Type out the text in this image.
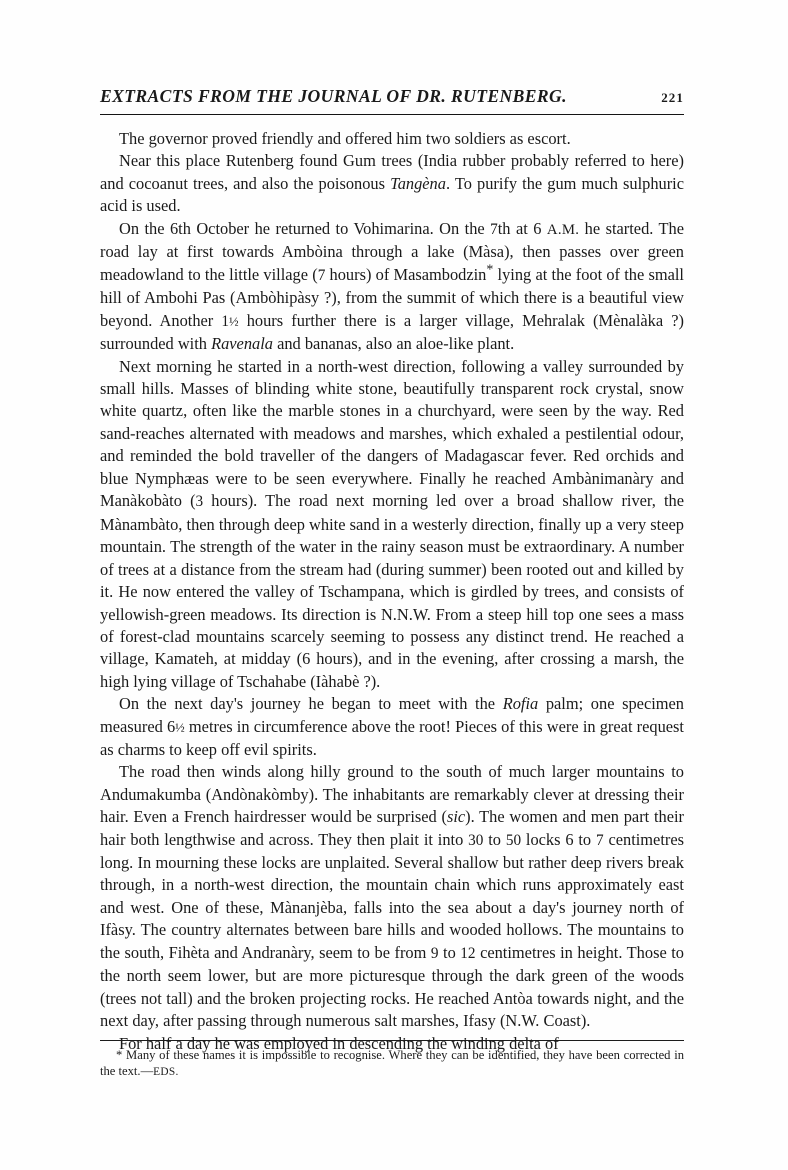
EXTRACTS FROM THE JOURNAL OF DR. RUTENBERG.	221

The governor proved friendly and offered him two soldiers as escort.

Near this place Rutenberg found Gum trees (India rubber probably referred to here) and cocoanut trees, and also the poisonous Tangèna. To purify the gum much sulphuric acid is used.

On the 6th October he returned to Vohimarina. On the 7th at 6 A.M. he started. The road lay at first towards Ambòina through a lake (Màsa), then passes over green meadowland to the little village (7 hours) of Masambodzin* lying at the foot of the small hill of Ambohi Pas (Ambòhipàsy ?), from the summit of which there is a beautiful view beyond. Another 1½ hours further there is a larger village, Mehralak (Mènalàka ?) surrounded with Ravenala and bananas, also an aloe-like plant.

Next morning he started in a north-west direction, following a valley surrounded by small hills. Masses of blinding white stone, beautifully transparent rock crystal, snow white quartz, often like the marble stones in a churchyard, were seen by the way. Red sand-reaches alternated with meadows and marshes, which exhaled a pestilential odour, and reminded the bold traveller of the dangers of Madagascar fever. Red orchids and blue Nymphæas were to be seen everywhere. Finally he reached Ambànimanàry and Manàkobàto (3 hours). The road next morning led over a broad shallow river, the Mànambàto, then through deep white sand in a westerly direction, finally up a very steep mountain. The strength of the water in the rainy season must be extraordinary. A number of trees at a distance from the stream had (during summer) been rooted out and killed by it. He now entered the valley of Tschampana, which is girdled by trees, and consists of yellowish-green meadows. Its direction is N.N.W. From a steep hill top one sees a mass of forest-clad mountains scarcely seeming to possess any distinct trend. He reached a village, Kamateh, at midday (6 hours), and in the evening, after crossing a marsh, the high lying village of Tschahabe (Iàhabè ?).

On the next day's journey he began to meet with the Rofia palm; one specimen measured 6½ metres in circumference above the root! Pieces of this were in great request as charms to keep off evil spirits.

The road then winds along hilly ground to the south of much larger mountains to Andumakumba (Andònakòmby). The inhabitants are remarkably clever at dressing their hair. Even a French hairdresser would be surprised (sic). The women and men part their hair both lengthwise and across. They then plait it into 30 to 50 locks 6 to 7 centimetres long. In mourning these locks are unplaited. Several shallow but rather deep rivers break through, in a north-west direction, the mountain chain which runs approximately east and west. One of these, Mànanjèba, falls into the sea about a day's journey north of Ifàsy. The country alternates between bare hills and wooded hollows. The mountains to the south, Fihèta and Andranàry, seem to be from 9 to 12 centimetres in height. Those to the north seem lower, but are more picturesque through the dark green of the woods (trees not tall) and the broken projecting rocks. He reached Antòa towards night, and the next day, after passing through numerous salt marshes, Ifasy (N.W. Coast).

For half a day he was employed in descending the winding delta of

* Many of these names it is impossible to recognise. Where they can be identified, they have been corrected in the text.—EDS.
